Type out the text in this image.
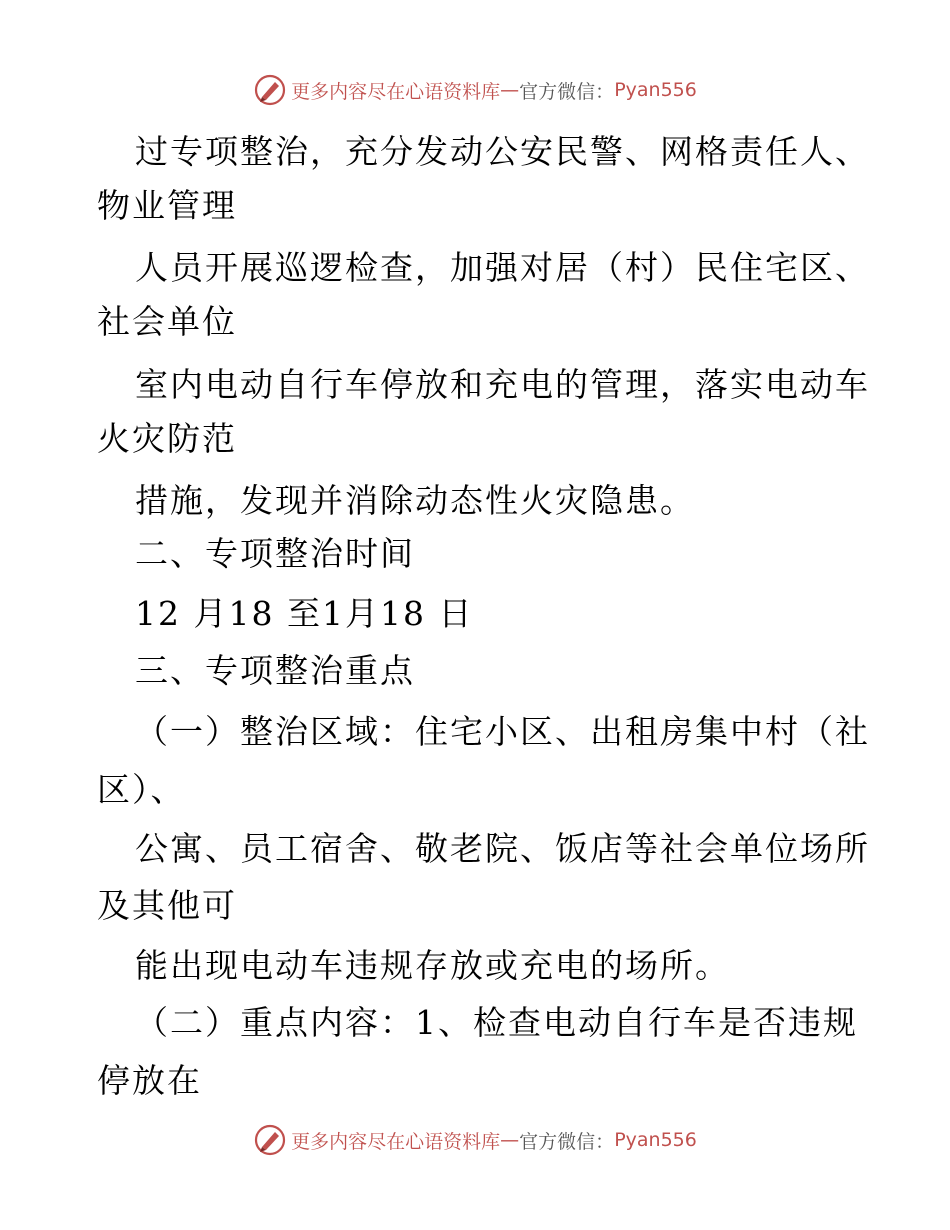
更多内容尽在心语资料库 — 官方微信： Pyan556
过专项整治，充分发动公安民警、网格责任人、
物业管理
人员开展巡逻检查，加强对居（村）民住宅区、
社会单位
室内电动自行车停放和充电的管理，落实电动车
火灾防范
措施，发现并消除动态性火灾隐患。
二、专项整治时间
12 月18 至1月18 日
三、专项整治重点
（一）整治区域：住宅小区、出租房集中村（社
区）、
公寓、员工宿舍、敬老院、饭店等社会单位场所
及其他可
能出现电动车违规存放或充电的场所。
（二）重点内容：1、检查电动自行车是否违规
停放在
更多内容尽在心语资料库 — 官方微信： Pyan556
